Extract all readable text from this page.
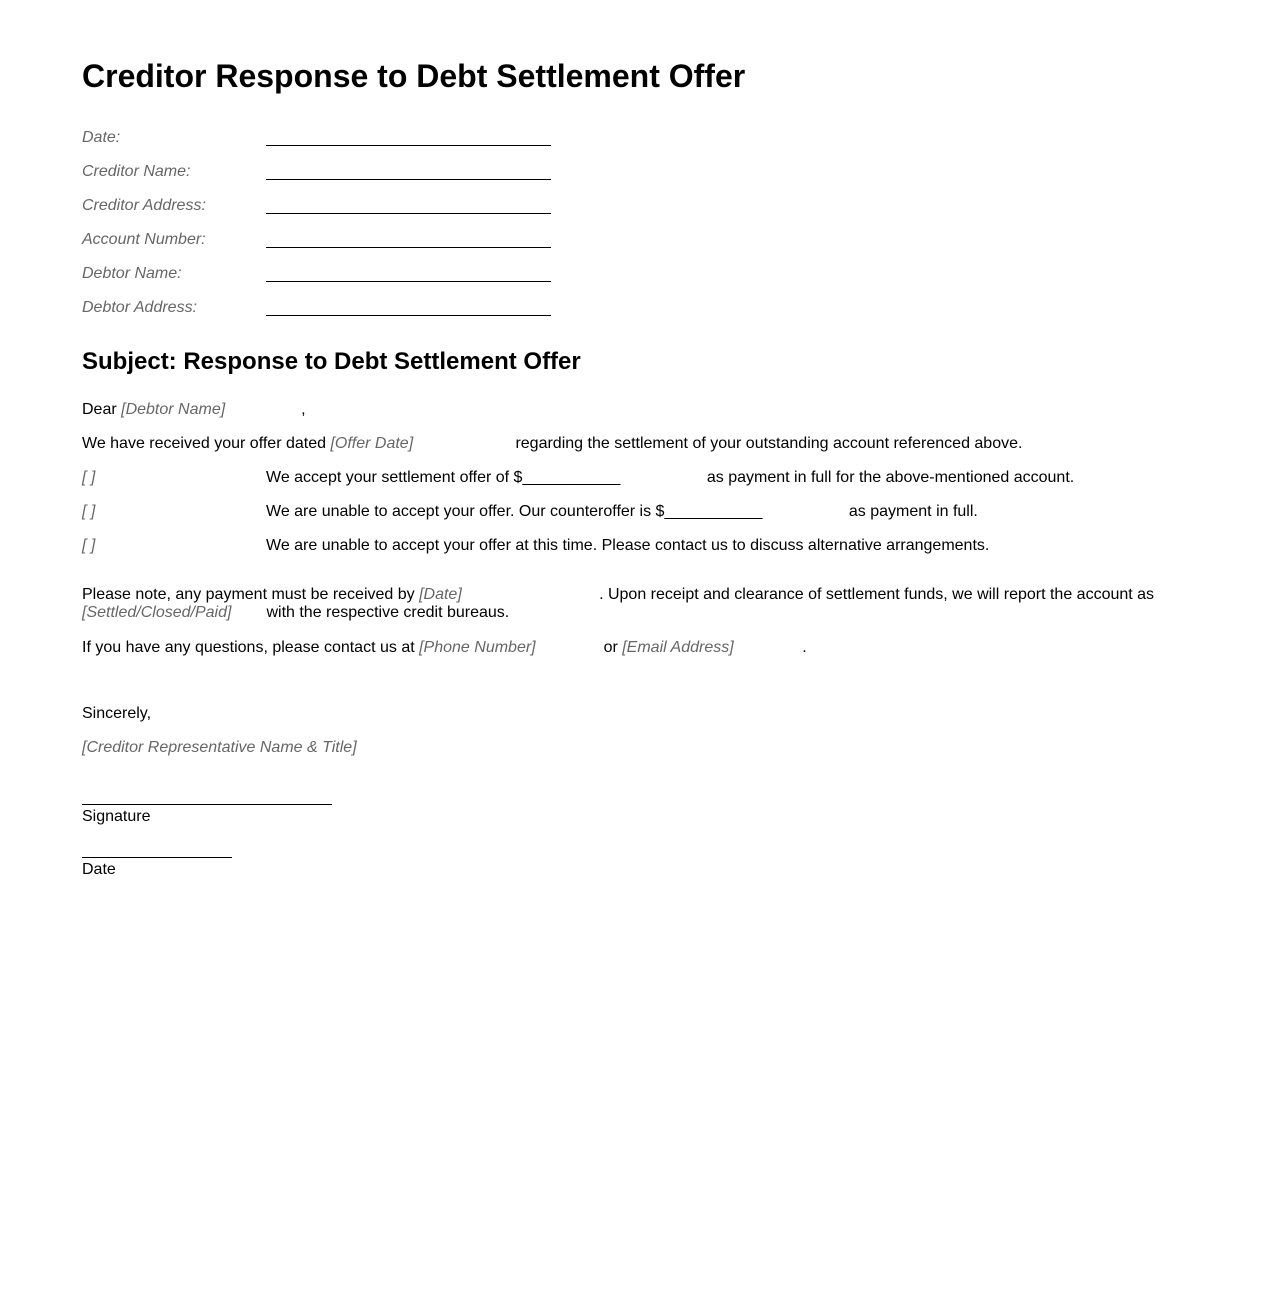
Creditor Response to Debt Settlement Offer
Date:
Creditor Name:
Creditor Address:
Account Number:
Debtor Name:
Debtor Address:
Subject: Response to Debt Settlement Offer
Dear [Debtor Name]	,
We have received your offer dated [Offer Date]	regarding the settlement of your outstanding account referenced above.
[ ]	We accept your settlement offer of $___________	as payment in full for the above-mentioned account.
[ ]	We are unable to accept your offer. Our counteroffer is $___________	as payment in full.
[ ]	We are unable to accept your offer at this time. Please contact us to discuss alternative arrangements.
Please note, any payment must be received by [Date]	. Upon receipt and clearance of settlement funds, we will report the account as
[Settled/Closed/Paid] with the respective credit bureaus.
If you have any questions, please contact us at [Phone Number]	or [Email Address]	.
Sincerely,
[Creditor Representative Name & Title]
Signature
Date
